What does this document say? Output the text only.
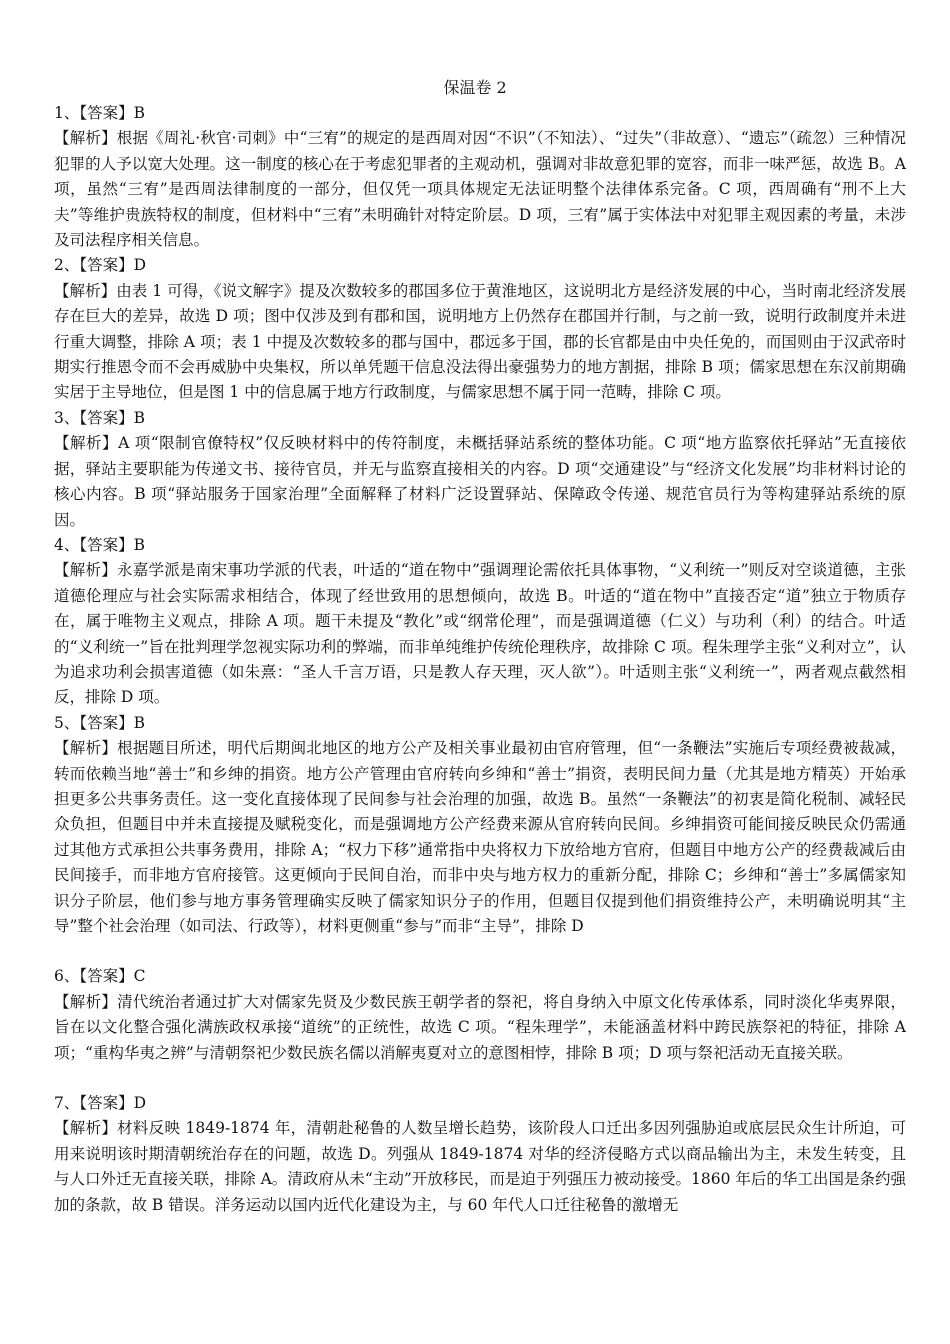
保温卷 2

1、【答案】B

【解析】根据《周礼·秋官·司刺》中“三宥”的规定的是西周对因“不识”（不知法）、“过失”（非故意）、“遗忘”（疏忽）三种情况犯罪的人予以宽大处理。这一制度的核心在于考虑犯罪者的主观动机，强调对非故意犯罪的宽容，而非一味严惩，故选 B。A 项，虽然“三宥”是西周法律制度的一部分，但仅凭一项具体规定无法证明整个法律体系完备。C 项，西周确有“刑不上大夫”等维护贵族特权的制度，但材料中“三宥”未明确针对特定阶层。D 项，三宥”属于实体法中对犯罪主观因素的考量，未涉及司法程序相关信息。

2、【答案】D

【解析】由表 1 可得，《说文解字》提及次数较多的郡国多位于黄淮地区，这说明北方是经济发展的中心，当时南北经济发展存在巨大的差异，故选 D 项；图中仅涉及到有郡和国，说明地方上仍然存在郡国并行制，与之前一致，说明行政制度并未进行重大调整，排除 A 项；表 1 中提及次数较多的郡与国中，郡远多于国，郡的长官都是由中央任免的，而国则由于汉武帝时期实行推恩令而不会再威胁中央集权，所以单凭题干信息没法得出豪强势力的地方割据，排除 B 项；儒家思想在东汉前期确实居于主导地位，但是图 1 中的信息属于地方行政制度，与儒家思想不属于同一范畴，排除 C 项。

3、【答案】B

【解析】A 项“限制官僚特权”仅反映材料中的传符制度，未概括驿站系统的整体功能。C 项“地方监察依托驿站”无直接依据，驿站主要职能为传递文书、接待官员，并无与监察直接相关的内容。D 项“交通建设”与“经济文化发展”均非材料讨论的核心内容。B 项“驿站服务于国家治理”全面解释了材料广泛设置驿站、保障政令传递、规范官员行为等构建驿站系统的原因。

4、【答案】B

【解析】永嘉学派是南宋事功学派的代表，叶适的“道在物中”强调理论需依托具体事物，“义利统一”则反对空谈道德，主张道德伦理应与社会实际需求相结合，体现了经世致用的思想倾向，故选 B。叶适的“道在物中”直接否定“道”独立于物质存在，属于唯物主义观点，排除 A 项。题干未提及“教化”或“纲常伦理”，而是强调道德（仁义）与功利（利）的结合。叶适的“义利统一”旨在批判理学忽视实际功利的弊端，而非单纯维护传统伦理秩序，故排除 C 项。程朱理学主张“义利对立”，认为追求功利会损害道德（如朱熹：“圣人千言万语，只是教人存天理，灭人欲”）。叶适则主张“义利统一”，两者观点截然相反，排除 D 项。

5、【答案】B

【解析】根据题目所述，明代后期闽北地区的地方公产及相关事业最初由官府管理，但“一条鞭法”实施后专项经费被裁减，转而依赖当地“善士”和乡绅的捐资。地方公产管理由官府转向乡绅和“善士”捐资，表明民间力量（尤其是地方精英）开始承担更多公共事务责任。这一变化直接体现了民间参与社会治理的加强，故选 B。虽然“一条鞭法”的初衷是简化税制、减轻民众负担，但题目中并未直接提及赋税变化，而是强调地方公产经费来源从官府转向民间。乡绅捐资可能间接反映民众仍需通过其他方式承担公共事务费用，排除 A；“权力下移”通常指中央将权力下放给地方官府，但题目中地方公产的经费裁减后由民间接手，而非地方官府接管。这更倾向于民间自治，而非中央与地方权力的重新分配，排除 C；乡绅和“善士”多属儒家知识分子阶层，他们参与地方事务管理确实反映了儒家知识分子的作用，但题目仅提到他们捐资维持公产，未明确说明其“主导”整个社会治理（如司法、行政等），材料更侧重“参与”而非“主导”，排除 D

6、【答案】C

【解析】清代统治者通过扩大对儒家先贤及少数民族王朝学者的祭祀，将自身纳入中原文化传承体系，同时淡化华夷界限，旨在以文化整合强化满族政权承接“道统”的正统性，故选 C 项。“程朱理学”，未能涵盖材料中跨民族祭祀的特征，排除 A 项；“重构华夷之辨”与清朝祭祀少数民族名儒以消解夷夏对立的意图相悖，排除 B 项；D 项与祭祀活动无直接关联。

7、【答案】D

【解析】材料反映 1849-1874 年，清朝赴秘鲁的人数呈增长趋势，该阶段人口迁出多因列强胁迫或底层民众生计所迫，可用来说明该时期清朝统治存在的问题，故选 D。列强从 1849-1874 对华的经济侵略方式以商品输出为主，未发生转变，且与人口外迁无直接关联，排除 A。清政府从未“主动”开放移民，而是迫于列强压力被动接受。1860 年后的华工出国是条约强加的条款，故 B 错误。洋务运动以国内近代化建设为主，与 60 年代人口迁往秘鲁的激增无
